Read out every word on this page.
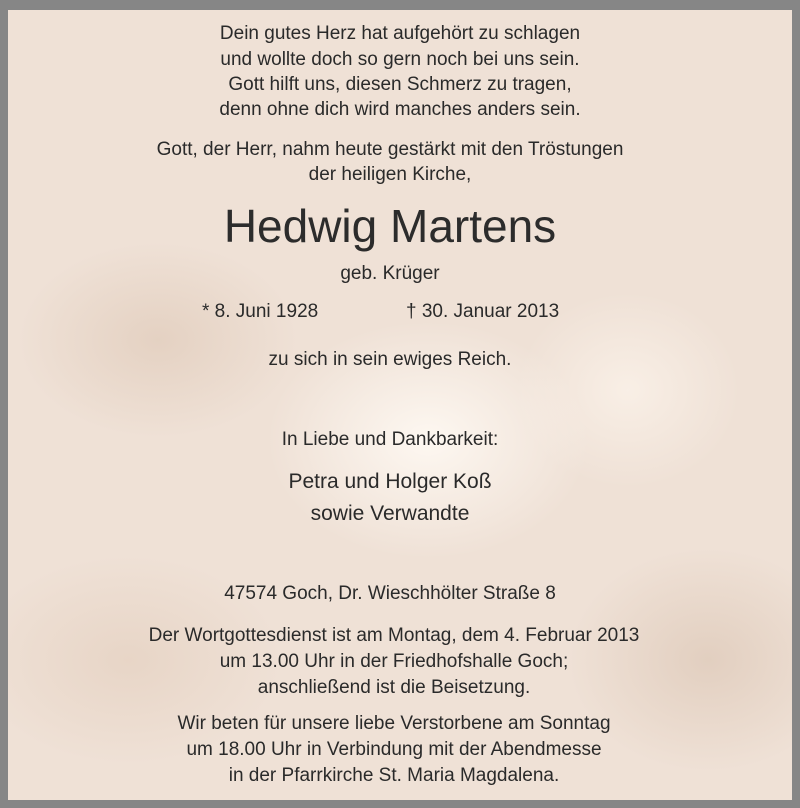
Dein gutes Herz hat aufgehört zu schlagen
und wollte doch so gern noch bei uns sein.
Gott hilft uns, diesen Schmerz zu tragen,
denn ohne dich wird manches anders sein.
Gott, der Herr, nahm heute gestärkt mit den Tröstungen
der heiligen Kirche,
Hedwig Martens
geb. Krüger
* 8. Juni 1928	† 30. Januar 2013
zu sich in sein ewiges Reich.
In Liebe und Dankbarkeit:
Petra und Holger Koß
sowie Verwandte
47574 Goch, Dr. Wieschhölter Straße 8
Der Wortgottesdienst ist am Montag, dem 4. Februar 2013
um 13.00 Uhr in der Friedhofshalle Goch;
anschließend ist die Beisetzung.
Wir beten für unsere liebe Verstorbene am Sonntag
um 18.00 Uhr in Verbindung mit der Abendmesse
in der Pfarrkirche St. Maria Magdalena.
